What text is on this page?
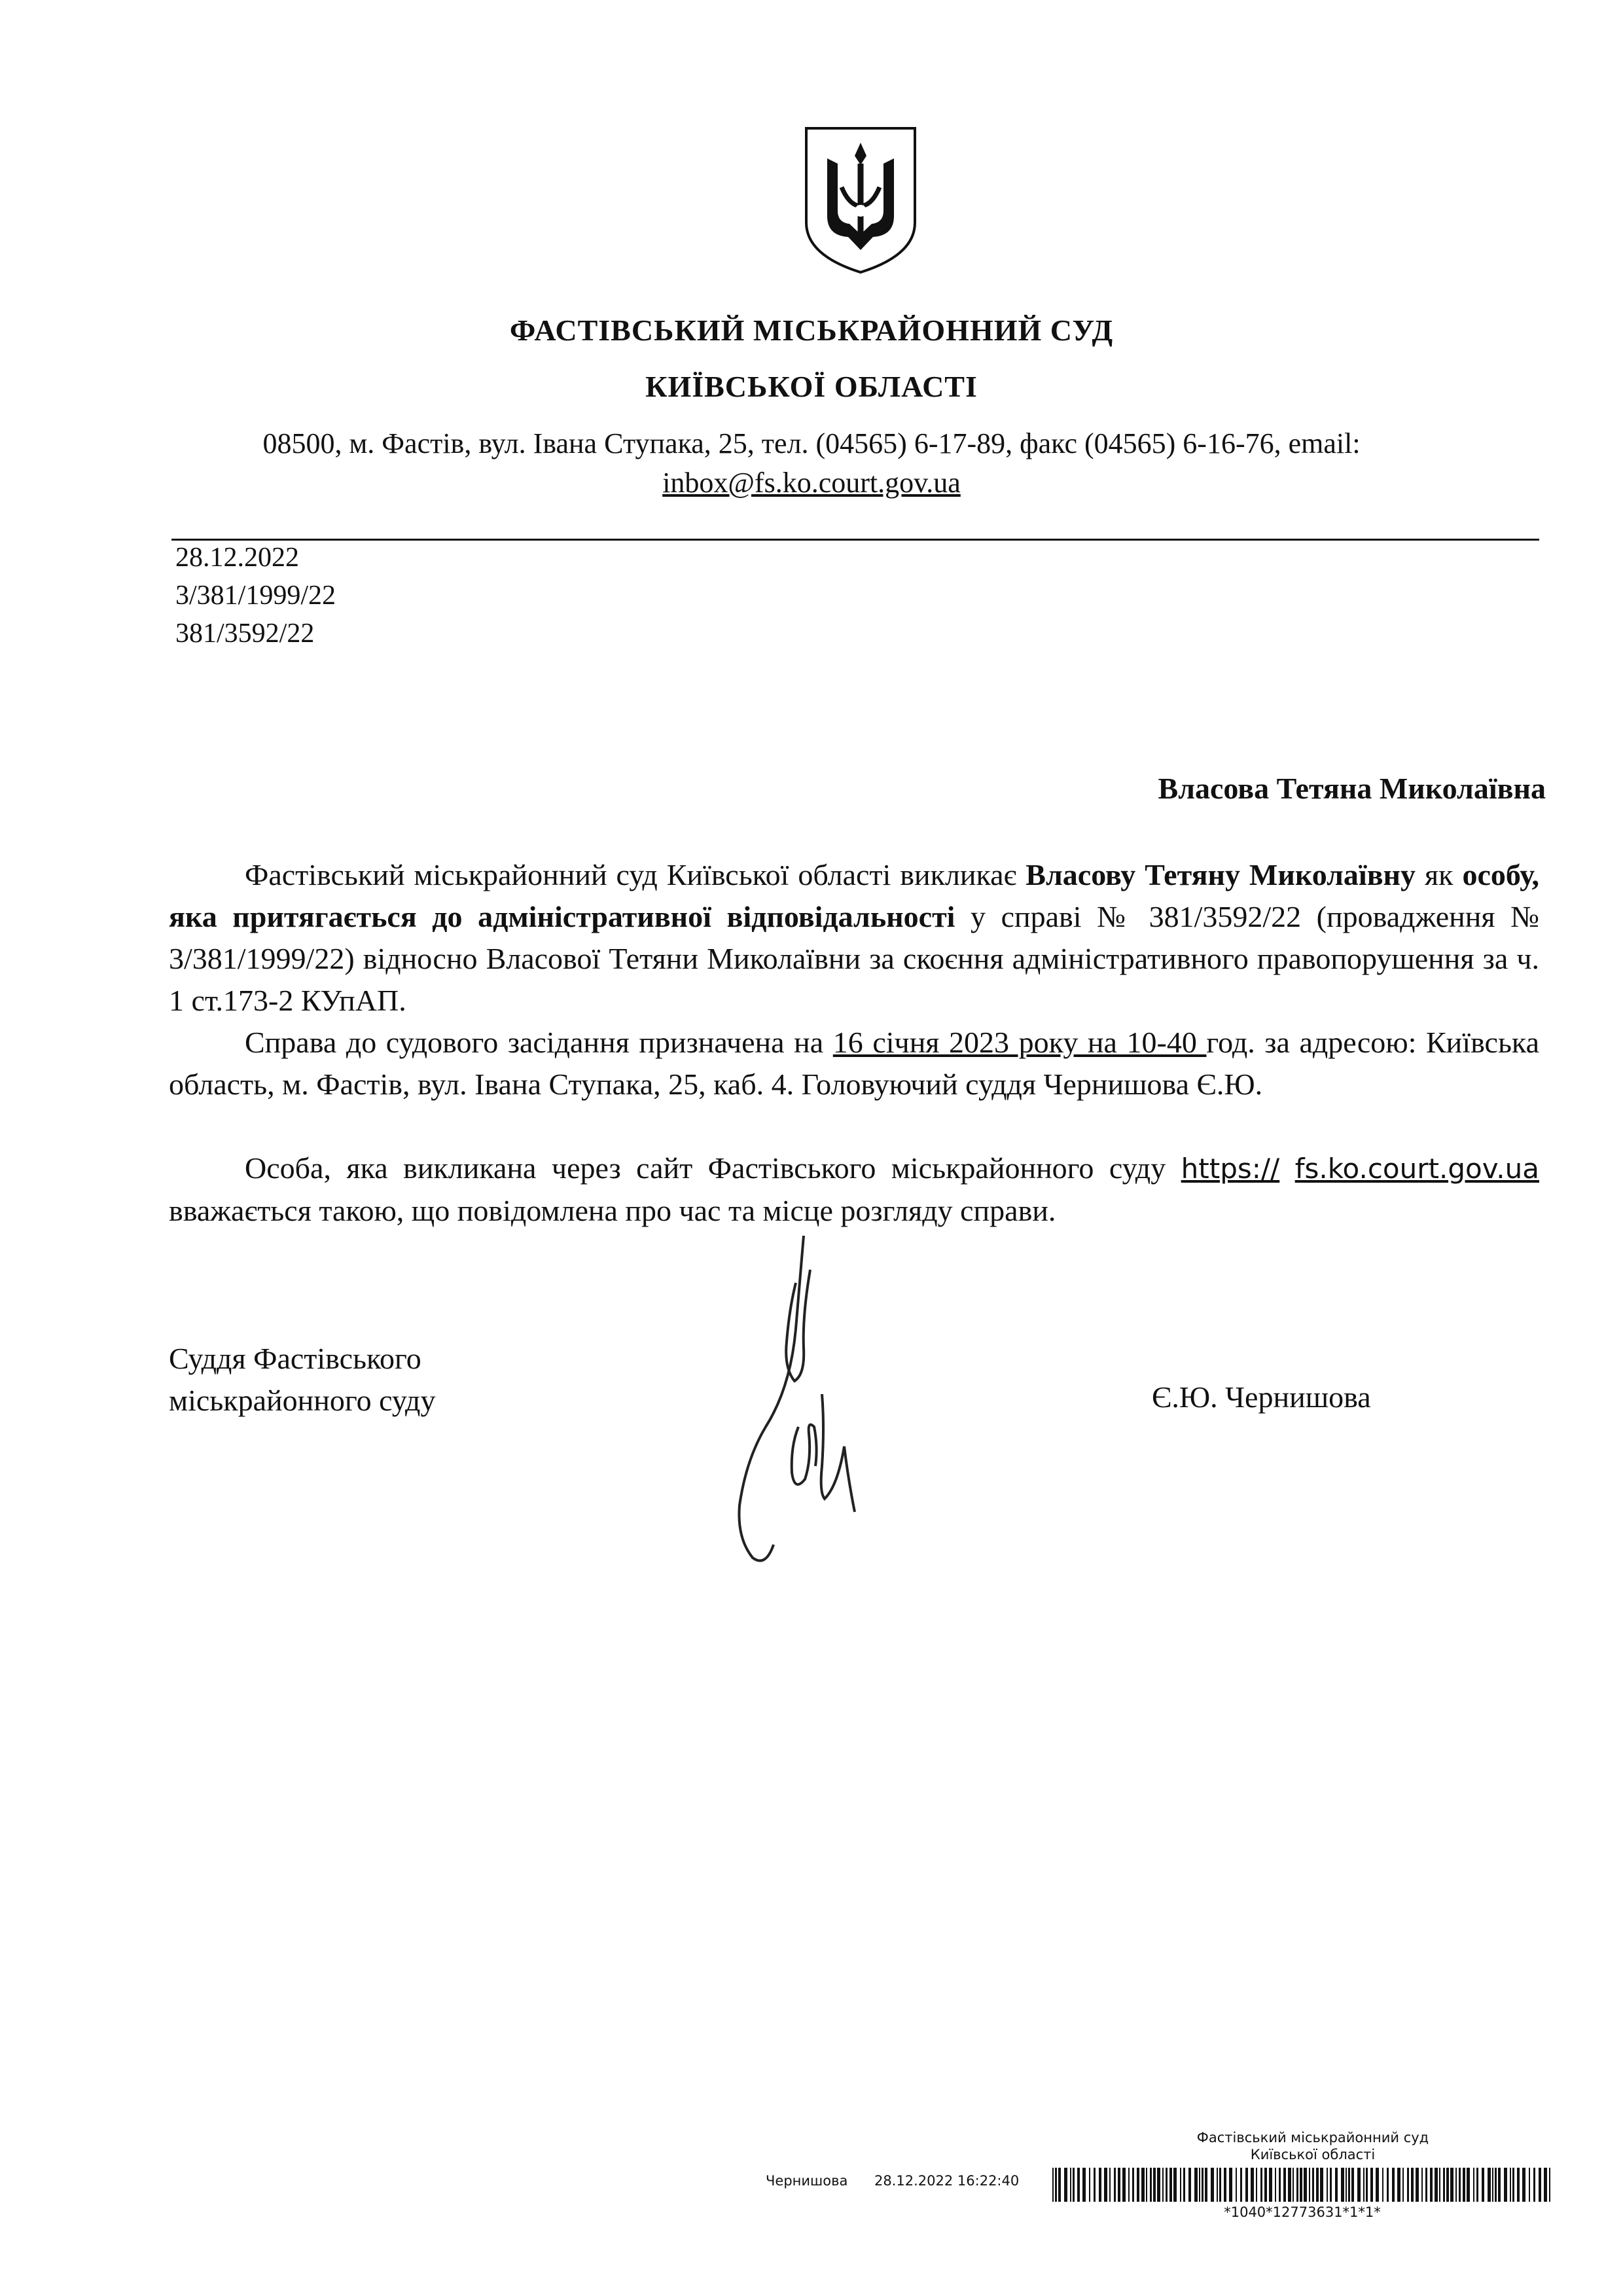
ФАСТІВСЬКИЙ МІСЬКРАЙОННИЙ СУД
КИЇВСЬКОЇ ОБЛАСТІ
08500, м. Фастів, вул. Івана Ступака, 25, тел. (04565) 6-17-89, факс (04565) 6-16-76, email:
inbox@fs.ko.court.gov.ua
28.12.2022
3/381/1999/22
381/3592/22
Власова Тетяна Миколаївна
Фастівський міськрайонний суд Київської області викликає Власову Тетяну Миколаївну як особу, яка притягається до адміністративної відповідальності у справі № 381/3592/22 (провадження № 3/381/1999/22) відносно Власової Тетяни Миколаївни за скоєння адміністративного правопорушення за ч. 1 ст.173-2 КУпАП.
Справа до судового засідання призначена на 16 січня 2023 року на 10-40 год. за адресою: Київська область, м. Фастів, вул. Івана Ступака, 25, каб. 4. Головуючий суддя Чернишова Є.Ю.
Особа, яка викликана через сайт Фастівського міськрайонного суду https:// fs.ko.court.gov.ua вважається такою, що повідомлена про час та місце розгляду справи.
Суддя Фастівського
міськрайонного суду	Є.Ю. Чернишова
Фастівський міськрайонний суд
Київської області
Чернишова 28.12.2022 16:22:40
*1040*12773631*1*1*
